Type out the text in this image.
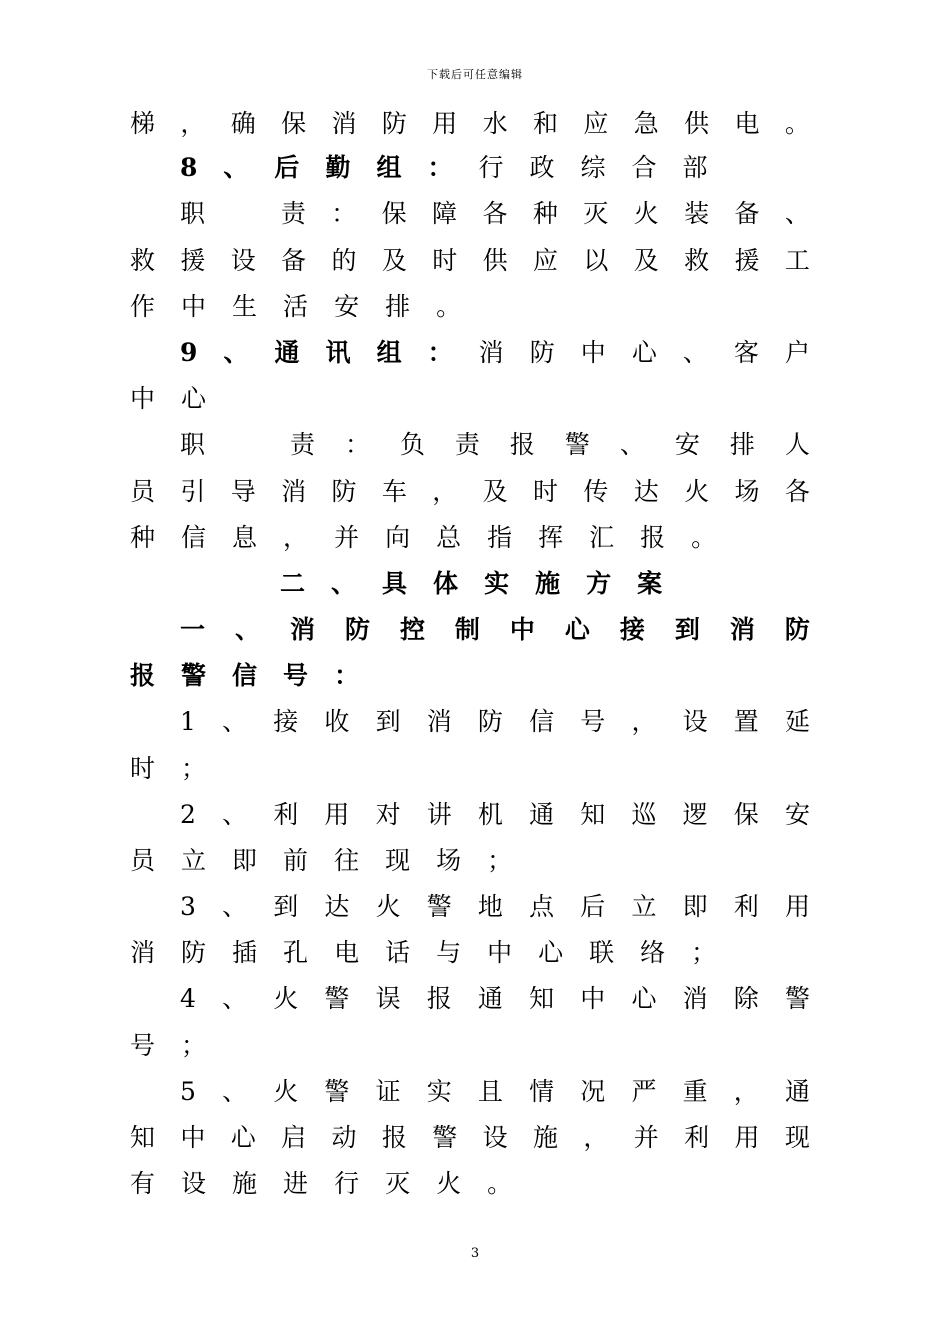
下载后可任意编辑
梯 ， 确 保 消 防 用 水 和 应 急 供 电 。
8 、 后 勤 组 ： 行 政 综 合 部
职
　	责 ： 保 障 各 种 灭 火 装 备 、
救 援 设 备 的 及 时 供 应 以 及 救 援 工
作 中 生 活 安 排 。
9 、 通 讯 组 ： 消 防 中 心 、 客 户
中 心
职
　	责 ： 负 责 报 警 、 安 排 人
员 引 导 消 防 车 ， 及 时 传 达 火 场 各
种 信 息 ， 并 向 总 指 挥 汇 报 。
二 、 具 体 实 施 方 案
一 、 消 防 控 制 中 心 接 到 消 防
报 警 信 号 ：
1 、 接 收 到 消 防 信 号 ， 设 置 延
时 ；
2 、 利 用 对 讲 机 通 知 巡 逻 保 安
员 立 即 前 往 现 场 ；
3 、 到 达 火 警 地 点 后 立 即 利 用
消 防 插 孔 电 话 与 中 心 联 络 ；
4 、 火 警 误 报 通 知 中 心 消 除 警
号 ；
5 、 火 警 证 实 且 情 况 严 重 ， 通
知 中 心 启 动 报 警 设 施 ， 并 利 用 现
有 设 施 进 行 灭 火 。
3
